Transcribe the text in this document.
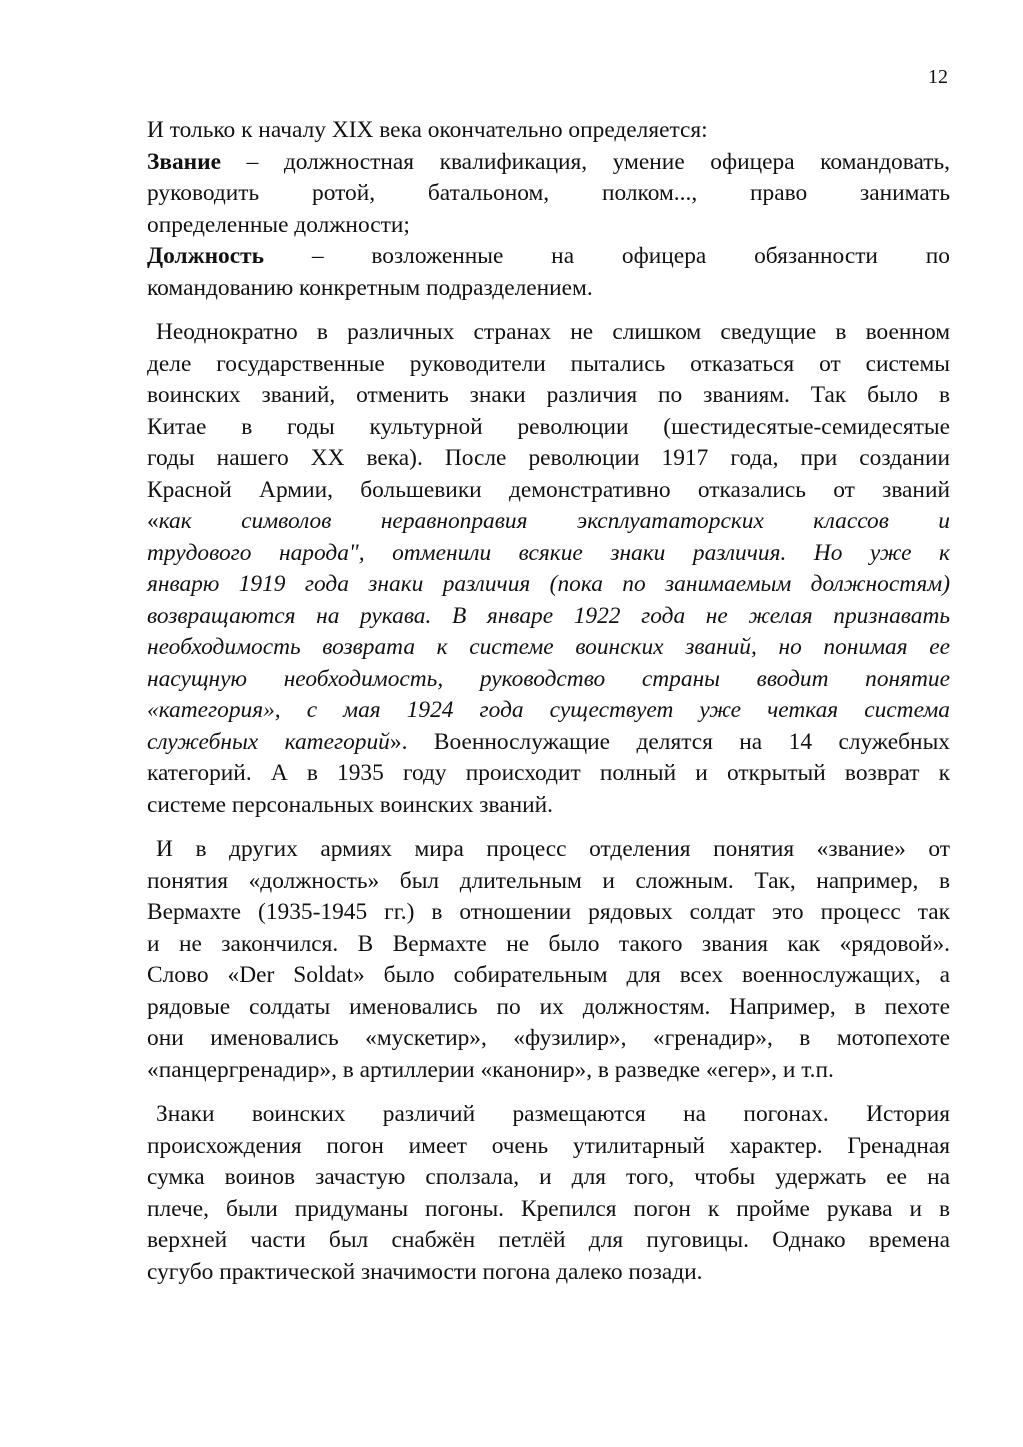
12
И только к началу XIX века окончательно определяется:
Звание – должностная квалификация, умение офицера командовать,
руководить ротой, батальоном, полком..., право занимать
определенные должности;
Должность – возложенные на офицера обязанности по
командованию конкретным подразделением.
Неоднократно в различных странах не слишком сведущие в военном
деле государственные руководители пытались отказаться от системы
воинских званий, отменить знаки различия по званиям. Так было в
Китае в годы культурной революции (шестидесятые-семидесятые
годы нашего XX века). После революции 1917 года, при создании
Красной Армии, большевики демонстративно отказались от званий
«как символов неравноправия эксплуататорских классов и
трудового народа", отменили всякие знаки различия. Но уже к
январю 1919 года знаки различия (пока по занимаемым должностям)
возвращаются на рукава. В январе 1922 года не желая признавать
необходимость возврата к системе воинских званий, но понимая ее
насущную необходимость, руководство страны вводит понятие
«категория», с мая 1924 года существует уже четкая система
служебных категорий». Военнослужащие делятся на 14 служебных
категорий. А в 1935 году происходит полный и открытый возврат к
системе персональных воинских званий.
И в других армиях мира процесс отделения понятия «звание» от
понятия «должность» был длительным и сложным. Так, например, в
Вермахте (1935-1945 гг.) в отношении рядовых солдат это процесс так
и не закончился. В Вермахте не было такого звания как «рядовой».
Слово «Der Soldat» было собирательным для всех военнослужащих, а
рядовые солдаты именовались по их должностям. Например, в пехоте
они именовались «мускетир», «фузилир», «гренадир», в мотопехоте
«панцергренадир», в артиллерии «канонир», в разведке «егер», и т.п.
Знаки воинских различий размещаются на погонах. История
происхождения погон имеет очень утилитарный характер. Гренадная
сумка воинов зачастую сползала, и для того, чтобы удержать ее на
плече, были придуманы погоны. Крепился погон к пройме рукава и в
верхней части был снабжён петлёй для пуговицы. Однако времена
сугубо практической значимости погона далеко позади.
